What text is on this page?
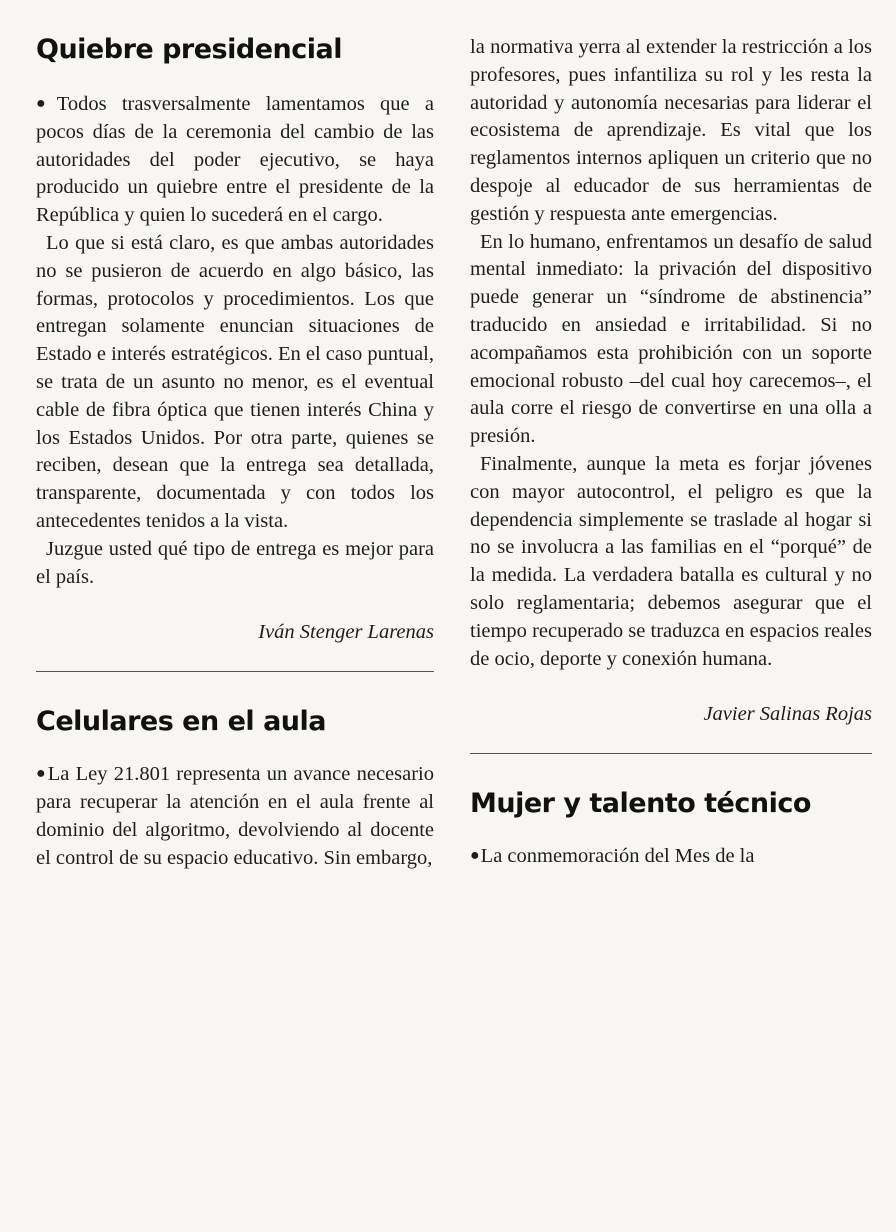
Quiebre presidencial

●Todos trasversalmente lamentamos que a pocos días de la ceremonia del cambio de las autoridades del poder ejecutivo, se haya producido un quiebre entre el presidente de la República y quien lo sucederá en el cargo.

Lo que si está claro, es que ambas autoridades no se pusieron de acuerdo en algo básico, las formas, protocolos y procedimientos. Los que entregan solamente enuncian situaciones de Estado e interés estratégicos. En el caso puntual, se trata de un asunto no menor, es el eventual cable de fibra óptica que tienen interés China y los Estados Unidos. Por otra parte, quienes se reciben, desean que la entrega sea detallada, transparente, documentada y con todos los antecedentes tenidos a la vista.

Juzgue usted qué tipo de entrega es mejor para el país.

Iván Stenger Larenas

Celulares en el aula

●La Ley 21.801 representa un avance necesario para recuperar la atención en el aula frente al dominio del algoritmo, devolviendo al docente el control de su espacio educativo. Sin embargo,

la normativa yerra al extender la restricción a los profesores, pues infantiliza su rol y les resta la autoridad y autonomía necesarias para liderar el ecosistema de aprendizaje. Es vital que los reglamentos internos apliquen un criterio que no despoje al educador de sus herramientas de gestión y respuesta ante emergencias.

En lo humano, enfrentamos un desafío de salud mental inmediato: la privación del dispositivo puede generar un “síndrome de abstinencia” traducido en ansiedad e irritabilidad. Si no acompañamos esta prohibición con un soporte emocional robusto –del cual hoy carecemos–, el aula corre el riesgo de convertirse en una olla a presión.

Finalmente, aunque la meta es forjar jóvenes con mayor autocontrol, el peligro es que la dependencia simplemente se traslade al hogar si no se involucra a las familias en el “porqué” de la medida. La verdadera batalla es cultural y no solo reglamentaria; debemos asegurar que el tiempo recuperado se traduzca en espacios reales de ocio, deporte y conexión humana.

Javier Salinas Rojas

Mujer y talento técnico

●La conmemoración del Mes de la
